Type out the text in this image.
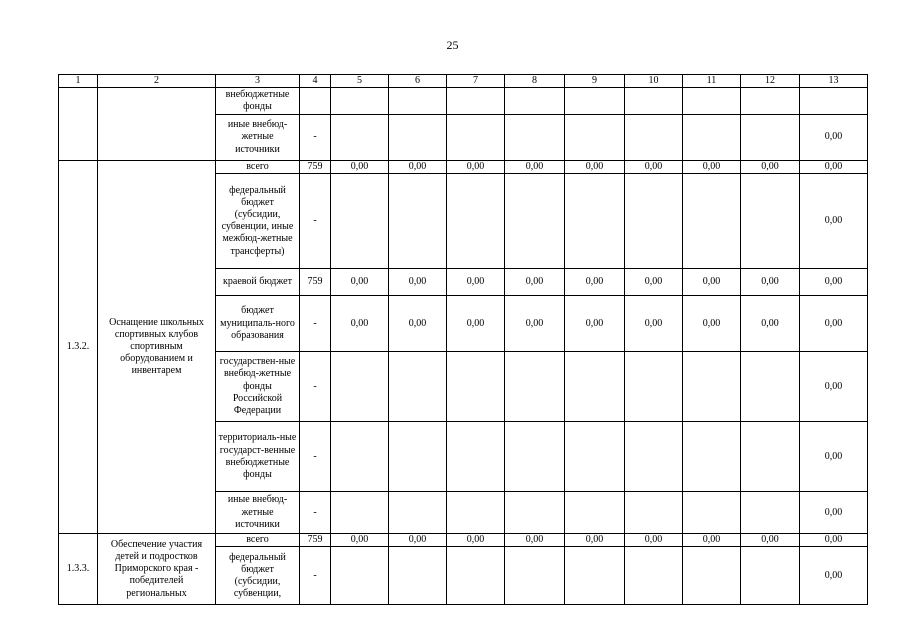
25
1	2	3	4	5	6	7	8	9	10	11	12	13
		внебюджетные фонды										
		иные внебюд-жетные источники	-									0,00
1.3.2.	Оснащение школьных спортивных клубов спортивным оборудованием и инвентарем	всего	759	0,00	0,00	0,00	0,00	0,00	0,00	0,00	0,00	0,00
		федеральный бюджет (субсидии, субвенции, иные межбюд-жетные трансферты)	-									0,00
		краевой бюджет	759	0,00	0,00	0,00	0,00	0,00	0,00	0,00	0,00	0,00
		бюджет муниципаль-ного образования	-	0,00	0,00	0,00	0,00	0,00	0,00	0,00	0,00	0,00
		государствен-ные внебюд-жетные фонды Российской Федерации	-									0,00
		территориаль-ные государст-венные внебюджетные фонды	-									0,00
		иные внебюд-жетные источники	-									0,00
1.3.3.	Обеспечение участия детей и подростков Приморского края - победителей региональных	всего	759	0,00	0,00	0,00	0,00	0,00	0,00	0,00	0,00	0,00
		федеральный бюджет (субсидии, субвенции,	-									0,00
